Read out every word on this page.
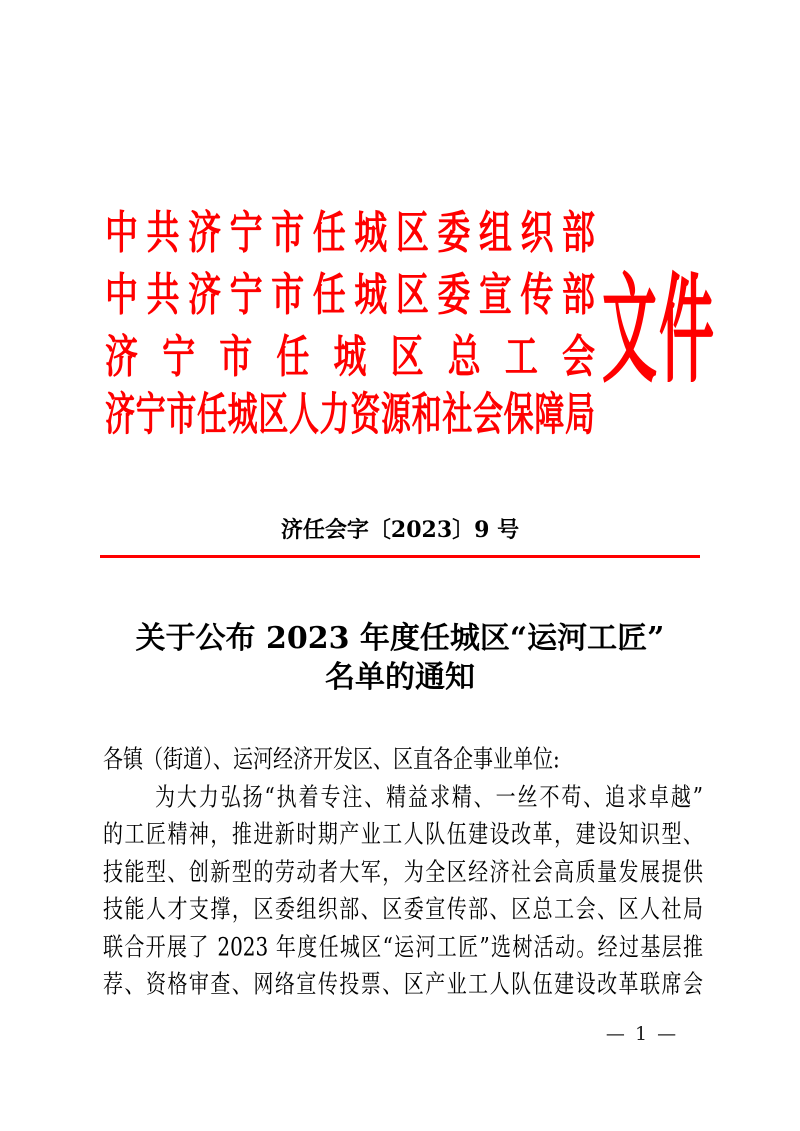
中共济宁市任城区委组织部
中共济宁市任城区委宣传部
济宁市任城区总工会
济宁市任城区人力资源和社会保障局
文件
济任会字〔2023〕9 号
关于公布 2023 年度任城区“运河工匠”
名单的通知
各镇（街道）、运河经济开发区、区直各企事业单位:
为大力弘扬“执着专注、精益求精、一丝不苟、追求卓越”
的工匠精神，推进新时期产业工人队伍建设改革，建设知识型、
技能型、创新型的劳动者大军，为全区经济社会高质量发展提供
技能人才支撑，区委组织部、区委宣传部、区总工会、区人社局
联合开展了 2023 年度任城区“运河工匠”选树活动。经过基层推
荐、资格审查、网络宣传投票、区产业工人队伍建设改革联席会
— 1 —
